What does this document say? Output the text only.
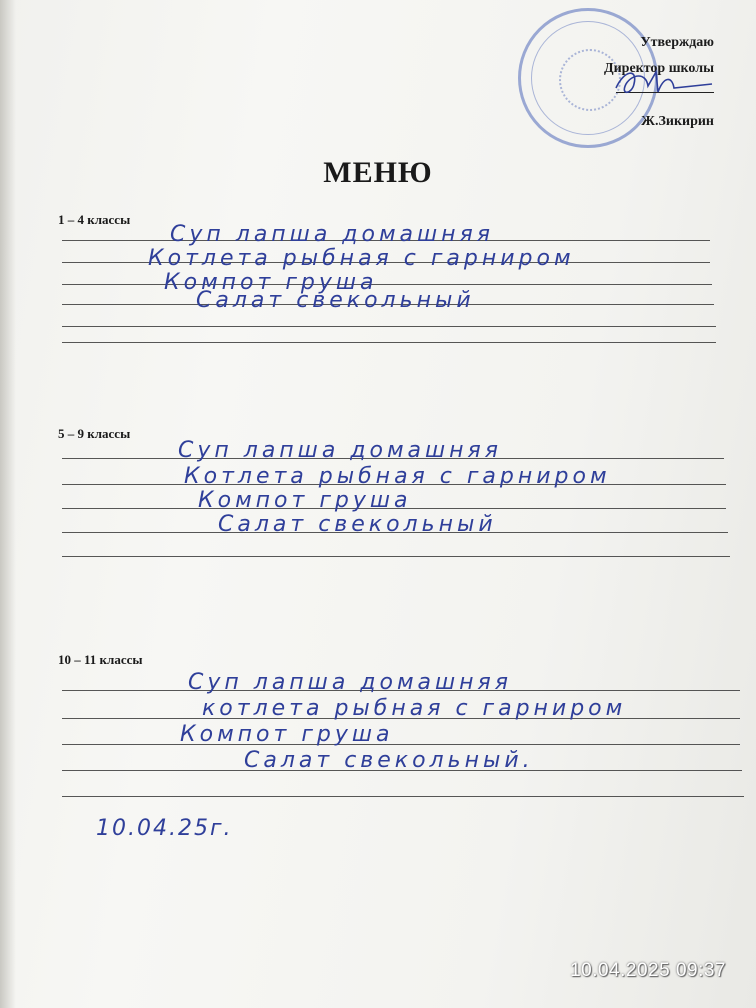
Утверждаю
Директор школы
Ж.Зикирин
МЕНЮ
1 – 4 классы
Суп лапша домашняя
Котлета рыбная с гарниром
Компот груша
Салат свекольный
5 – 9 классы
Суп лапша домашняя
Котлета рыбная с гарниром
Компот груша
Салат свекольный
10 – 11 классы
Суп лапша домашняя
котлета рыбная с гарниром
Компот груша
Салат свекольный.
10.04.25г.
10.04.2025 09:37
